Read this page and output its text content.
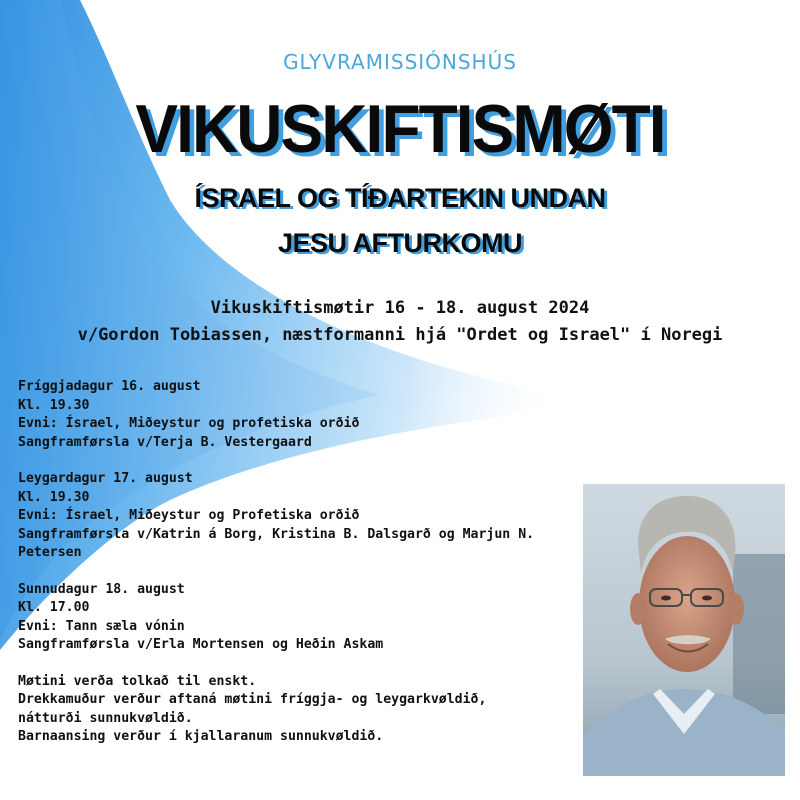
GLYVRAMISSIÓNSHÚS
VIKUSKIFTISMØTI
ÍSRAEL OG TÍÐARTEKIN UNDAN
JESU AFTURKOMU
Vikuskiftismøtir 16 - 18. august 2024
v/Gordon Tobiassen, næstformanni hjá "Ordet og Israel" í Noregi
Fríggjadagur 16. august
Kl. 19.30
Evni: Ísrael, Miðeystur og profetiska orðið
Sangframførsla v/Terja B. Vestergaard
Leygardagur 17. august
Kl. 19.30
Evni: Ísrael, Miðeystur og Profetiska orðið
Sangframførsla v/Katrin á Borg, Kristina B. Dalsgarð og Marjun N. Petersen
Sunnudagur 18. august
Kl. 17.00
Evni: Tann sæla vónin
Sangframførsla v/Erla Mortensen og Heðin Askam
Møtini verða tolkað til enskt.
Drekkamuður verður aftaná møtini fríggja- og leygarkvøldið,
nátturði sunnukvøldið.
Barnaansing verður í kjallaranum sunnukvøldið.
